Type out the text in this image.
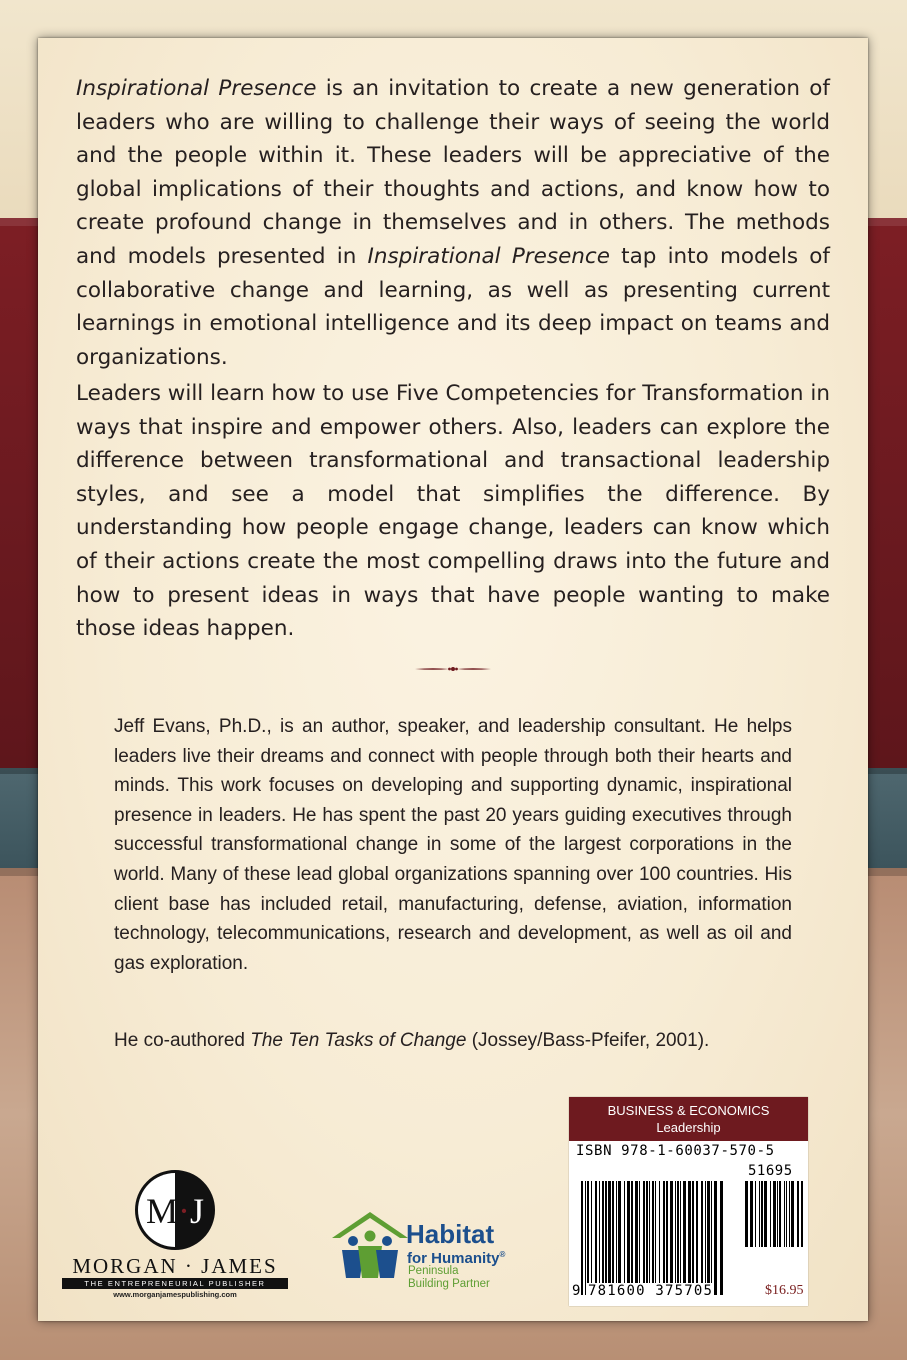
Inspirational Presence is an invitation to create a new generation of leaders who are willing to challenge their ways of seeing the world and the people within it. These leaders will be appreciative of the global implications of their thoughts and actions, and know how to create profound change in themselves and in others. The methods and models presented in Inspirational Presence tap into models of collaborative change and learning, as well as presenting current learnings in emotional intelligence and its deep impact on teams and organizations.

Leaders will learn how to use Five Competencies for Transformation in ways that inspire and empower others. Also, leaders can explore the difference between transformational and transactional leadership styles, and see a model that simplifies the difference. By understanding how people engage change, leaders can know which of their actions create the most compelling draws into the future and how to present ideas in ways that have people wanting to make those ideas happen.

Jeff Evans, Ph.D., is an author, speaker, and leadership consultant. He helps leaders live their dreams and connect with people through both their hearts and minds. This work focuses on developing and supporting dynamic, inspirational presence in leaders. He has spent the past 20 years guiding executives through successful transformational change in some of the largest corporations in the world. Many of these lead global organizations spanning over 100 countries. His client base has included retail, manufacturing, defense, aviation, information technology, telecommunications, research and development, as well as oil and gas exploration.

He co-authored The Ten Tasks of Change (Jossey/Bass-Pfeifer, 2001).

BUSINESS & ECONOMICS
Leadership
ISBN 978-1-60037-570-5
51695
9 781600 375705	$16.95
M·J
MORGAN · JAMES
THE ENTREPRENEURIAL PUBLISHER
www.morganjamespublishing.com
Habitat
for Humanity®
Peninsula
Building Partner
